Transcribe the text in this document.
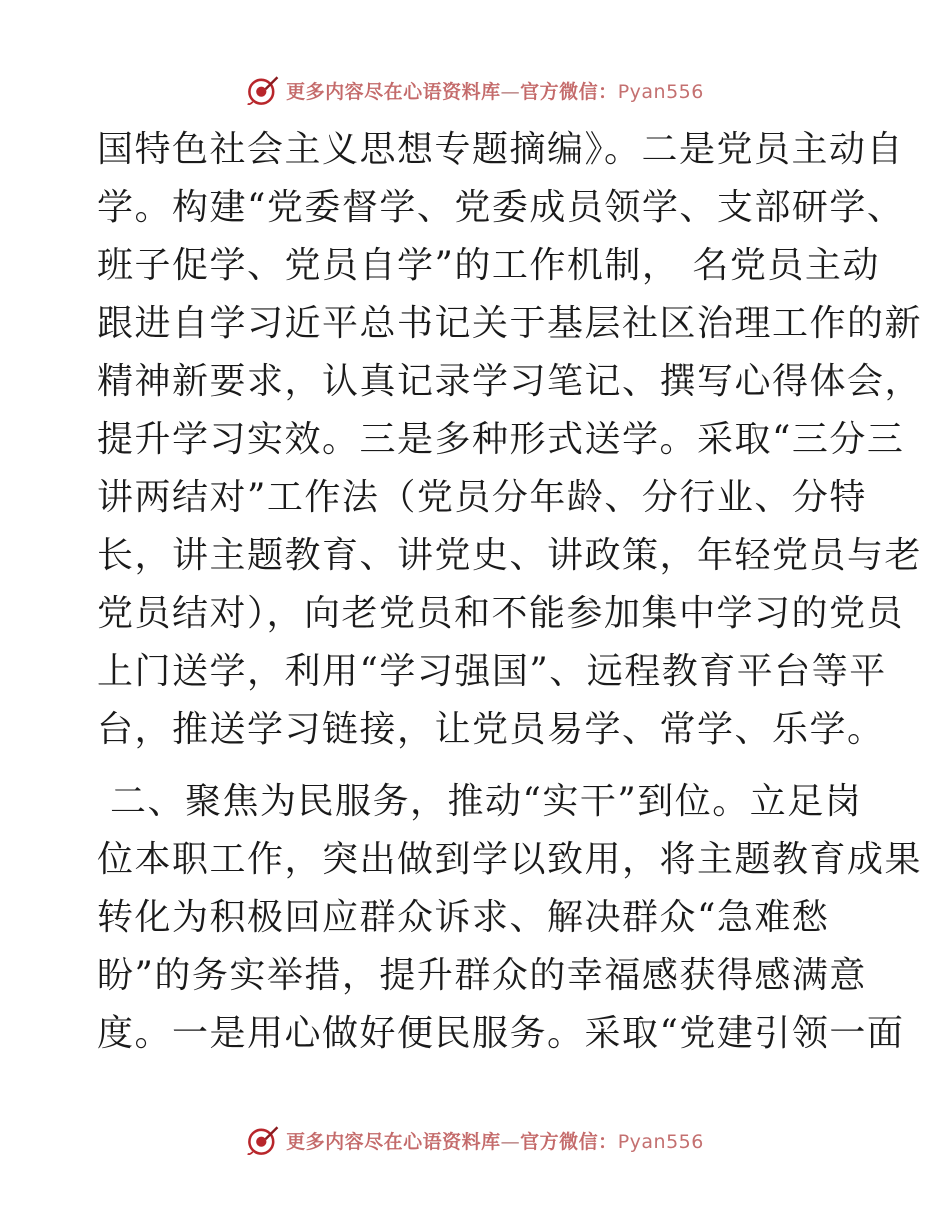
更多内容尽在心语资料库—官方微信：Pyan556
国特色社会主义思想专题摘编》。二是党员主动自
学。构建“党委督学、党委成员领学、支部研学、
班子促学、党员自学”的工作机制， 名党员主动
跟进自学习近平总书记关于基层社区治理工作的新
精神新要求，认真记录学习笔记、撰写心得体会，
提升学习实效。三是多种形式送学。采取“三分三
讲两结对”工作法（党员分年龄、分行业、分特
长，讲主题教育、讲党史、讲政策，年轻党员与老
党员结对），向老党员和不能参加集中学习的党员
上门送学，利用“学习强国”、远程教育平台等平
台，推送学习链接，让党员易学、常学、乐学。
二、聚焦为民服务，推动“实干”到位。立足岗
位本职工作，突出做到学以致用，将主题教育成果
转化为积极回应群众诉求、解决群众“急难愁
盼”的务实举措，提升群众的幸福感获得感满意
度。一是用心做好便民服务。采取“党建引领一面
更多内容尽在心语资料库—官方微信：Pyan556
